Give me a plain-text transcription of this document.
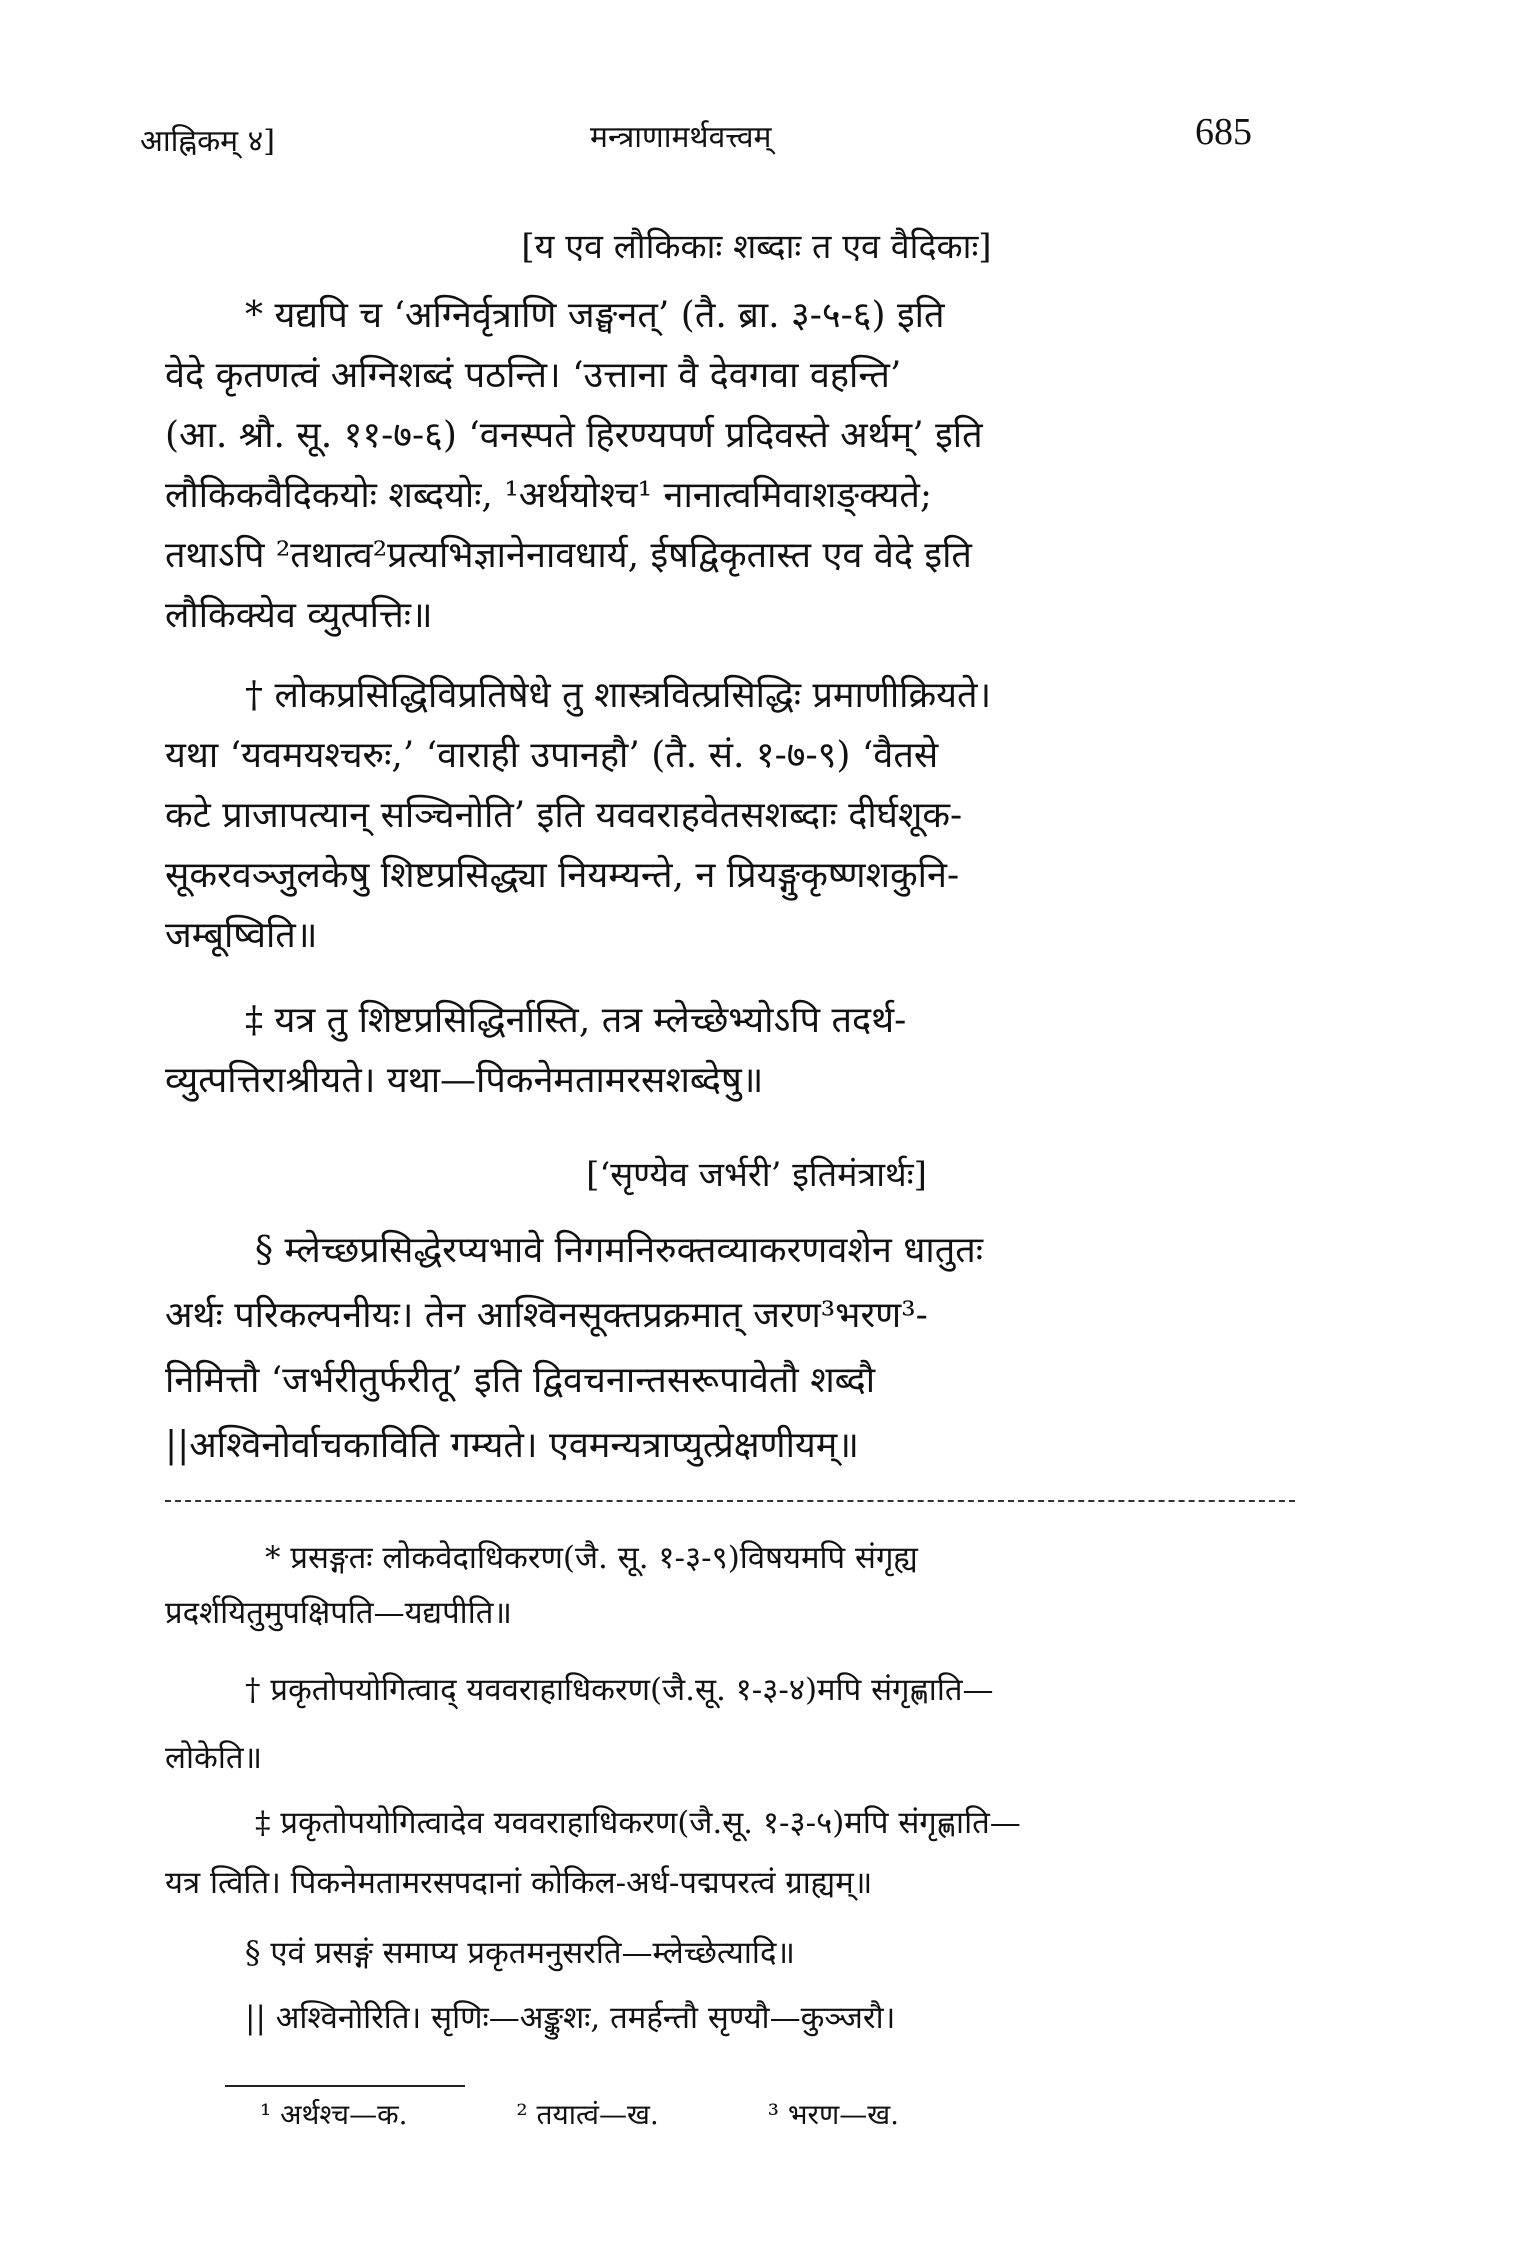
आह्निकम् ४]	मन्त्राणामर्थवत्त्वम्	685
[य एव लौकिकाः शब्दाः त एव वैदिकाः]
* यद्यपि च ‘अग्निर्वृत्राणि जङ्घनत्’ (तै. ब्रा. ३-५-६) इति
वेदे कृतणत्वं अग्निशब्दं पठन्ति। ‘उत्ताना वै देवगवा वहन्ति’
(आ. श्रौ. सू. ११-७-६) ‘वनस्पते हिरण्यपर्ण प्रदिवस्ते अर्थम्’ इति
लौकिकवैदिकयोः शब्दयोः, ¹अर्थयोश्च¹ नानात्वमिवाशङ्क्यते;
तथाऽपि ²तथात्व²प्रत्यभिज्ञानेनावधार्य, ईषद्विकृतास्त एव वेदे इति
लौकिक्येव व्युत्पत्तिः॥
† लोकप्रसिद्धिविप्रतिषेधे तु शास्त्रवित्प्रसिद्धिः प्रमाणीक्रियते।
यथा ‘यवमयश्चरुः,’ ‘वाराही उपानहौ’ (तै. सं. १-७-९) ‘वैतसे
कटे प्राजापत्यान् सञ्चिनोति’ इति यववराहवेतसशब्दाः दीर्घशूक-
सूकरवञ्जुलकेषु शिष्टप्रसिद्ध्या नियम्यन्ते, न प्रियङ्गुकृष्णशकुनि-
जम्बूष्विति॥
‡ यत्र तु शिष्टप्रसिद्धिर्नास्ति, तत्र म्लेच्छेभ्योऽपि तदर्थ-
व्युत्पत्तिराश्रीयते। यथा—पिकनेमतामरसशब्देषु॥
[‘सृण्येव जर्भरी’ इतिमंत्रार्थः]
§ म्लेच्छप्रसिद्धेरप्यभावे निगमनिरुक्तव्याकरणवशेन धातुतः
अर्थः परिकल्पनीयः। तेन आश्विनसूक्तप्रक्रमात् जरण³भरण³-
निमित्तौ ‘जर्भरीतुर्फरीतू’ इति द्विवचनान्तसरूपावेतौ शब्दौ
||अश्विनोर्वाचकाविति गम्यते। एवमन्यत्राप्युत्प्रेक्षणीयम्॥
* प्रसङ्गतः लोकवेदाधिकरण(जै. सू. १-३-९)विषयमपि संगृह्य
प्रदर्शयितुमुपक्षिपति—यद्यपीति॥
† प्रकृतोपयोगित्वाद् यववराहाधिकरण(जै.सू. १-३-४)मपि संगृह्णाति—
लोकेति॥
‡ प्रकृतोपयोगित्वादेव यववराहाधिकरण(जै.सू. १-३-५)मपि संगृह्णाति—
यत्र त्विति। पिकनेमतामरसपदानां कोकिल-अर्ध-पद्मपरत्वं ग्राह्यम्॥
§ एवं प्रसङ्गं समाप्य प्रकृतमनुसरति—म्लेच्छेत्यादि॥
|| अश्विनोरिति। सृणिः—अङ्कुशः, तमर्हन्तौ सृण्यौ—कुञ्जरौ।
¹ अर्थश्च—क.	² तयात्वं—ख.	³ भरण—ख.
